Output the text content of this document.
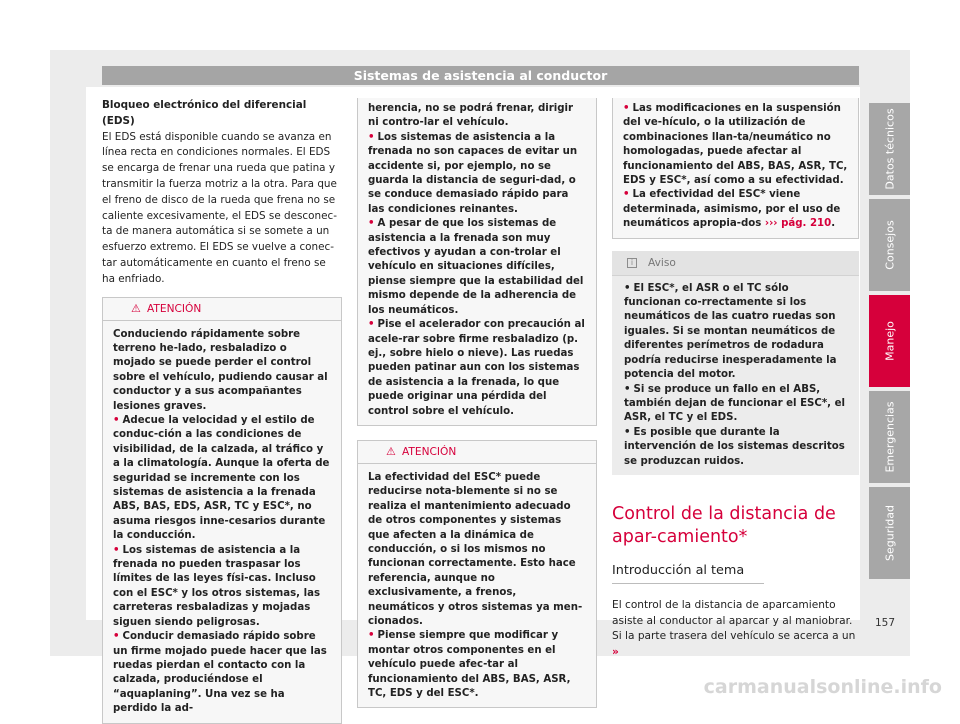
Sistemas de asistencia al conductor

Bloqueo electrónico del diferencial (EDS)

El EDS está disponible cuando se avanza en línea recta en condiciones normales. El EDS se encarga de frenar una rueda que patina y transmitir la fuerza motriz a la otra. Para que el freno de disco de la rueda que frena no se caliente excesivamente, el EDS se desconec-ta de manera automática si se somete a un esfuerzo extremo. El EDS se vuelve a conec-tar automáticamente en cuanto el freno se ha enfriado.

⚠ ATENCIÓN

Conduciendo rápidamente sobre terreno he-lado, resbaladizo o mojado se puede perder el control sobre el vehículo, pudiendo causar al conductor y a sus acompañantes lesiones graves.

• Adecue la velocidad y el estilo de conduc-ción a las condiciones de visibilidad, de la calzada, al tráfico y a la climatología. Aunque la oferta de seguridad se incremente con los sistemas de asistencia a la frenada ABS, BAS, EDS, ASR, TC y ESC*, no asuma riesgos inne-cesarios durante la conducción.

• Los sistemas de asistencia a la frenada no pueden traspasar los límites de las leyes físi-cas. Incluso con el ESC* y los otros sistemas, las carreteras resbaladizas y mojadas siguen siendo peligrosas.

• Conducir demasiado rápido sobre un firme mojado puede hacer que las ruedas pierdan el contacto con la calzada, produciéndose el “aquaplaning”. Una vez se ha perdido la ad-

herencia, no se podrá frenar, dirigir ni contro-lar el vehículo.

• Los sistemas de asistencia a la frenada no son capaces de evitar un accidente si, por ejemplo, no se guarda la distancia de seguri-dad, o se conduce demasiado rápido para las condiciones reinantes.

• A pesar de que los sistemas de asistencia a la frenada son muy efectivos y ayudan a con-trolar el vehículo en situaciones difíciles, piense siempre que la estabilidad del mismo depende de la adherencia de los neumáticos.

• Pise el acelerador con precaución al acele-rar sobre firme resbaladizo (p. ej., sobre hielo o nieve). Las ruedas pueden patinar aun con los sistemas de asistencia a la frenada, lo que puede originar una pérdida del control sobre el vehículo.

⚠ ATENCIÓN

La efectividad del ESC* puede reducirse nota-blemente si no se realiza el mantenimiento adecuado de otros componentes y sistemas que afecten a la dinámica de conducción, o si los mismos no funcionan correctamente. Esto hace referencia, aunque no exclusivamente, a frenos, neumáticos y otros sistemas ya men-cionados.

• Piense siempre que modificar y montar otros componentes en el vehículo puede afec-tar al funcionamiento del ABS, BAS, ASR, TC, EDS y del ESC*.

• Las modificaciones en la suspensión del ve-hículo, o la utilización de combinaciones llan-ta/neumático no homologadas, puede afectar al funcionamiento del ABS, BAS, ASR, TC, EDS y ESC*, así como a su efectividad.

• La efectividad del ESC* viene determinada, asimismo, por el uso de neumáticos apropia-dos ››› pág. 210.

i	Aviso

• El ESC*, el ASR o el TC sólo funcionan co-rrectamente si los neumáticos de las cuatro ruedas son iguales. Si se montan neumáticos de diferentes perímetros de rodadura podría reducirse inesperadamente la potencia del motor.

• Si se produce un fallo en el ABS, también dejan de funcionar el ESC*, el ASR, el TC y el EDS.

• Es posible que durante la intervención de los sistemas descritos se produzcan ruidos.

Control de la distancia de apar-camiento*
Introducción al tema

El control de la distancia de aparcamiento asiste al conductor al aparcar y al maniobrar. Si la parte trasera del vehículo se acerca a un »

Datos técnicos
Consejos
Manejo
Emergencias
Seguridad
157
carmanualsonline.info
